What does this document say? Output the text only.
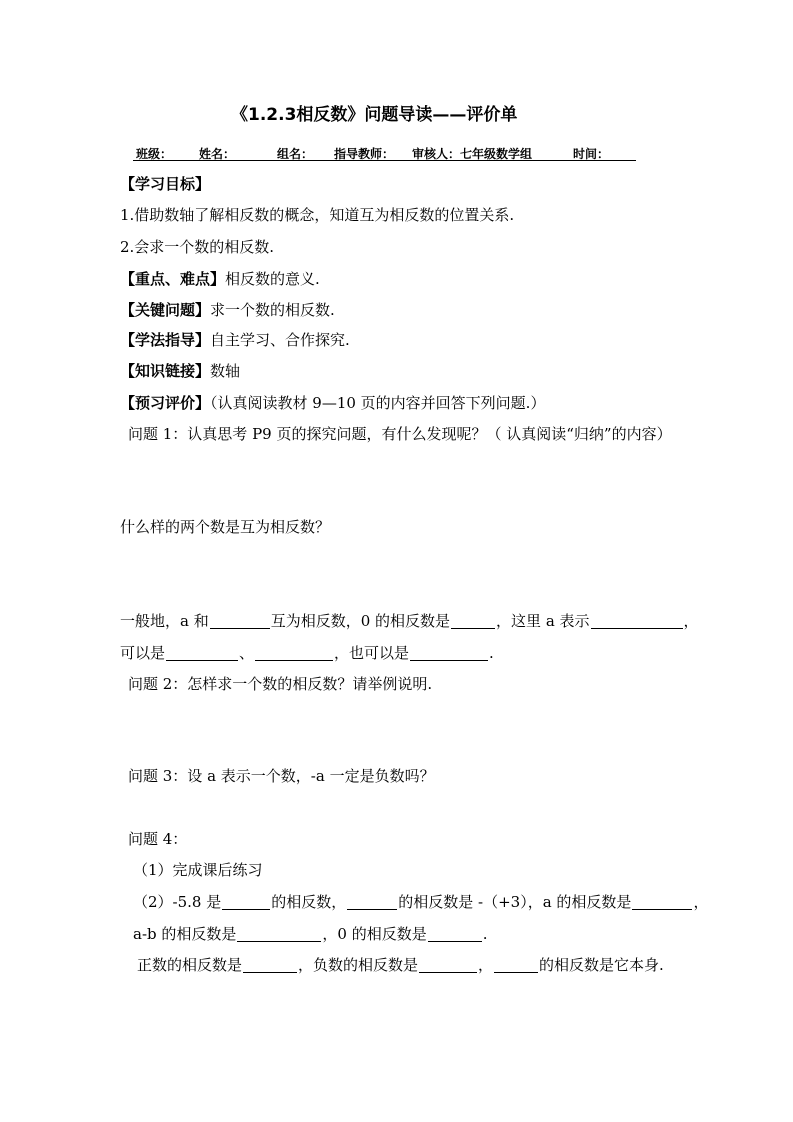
《1.2.3相反数》问题导读——评价单
班级： 姓名：	组名： 指导教师： 审核人：七年级数学组	时间：
【学习目标】
1.借助数轴了解相反数的概念，知道互为相反数的位置关系.
2.会求一个数的相反数.
【重点、难点】相反数的意义.
【关键问题】求一个数的相反数.
【学法指导】自主学习、合作探究.
【知识链接】数轴
【预习评价】（认真阅读教材 9—10 页的内容并回答下列问题.）
问题 1：认真思考 P9 页的探究问题，有什么发现呢？（ 认真阅读“归纳”的内容）
什么样的两个数是互为相反数？
一般地，a 和	互为相反数，0 的相反数是	，这里 a 表示	，
可以是	、	，也可以是	.
问题 2：怎样求一个数的相反数？请举例说明.
问题 3：设 a 表示一个数，-a 一定是负数吗？
问题 4：
（1）完成课后练习
（2）-5.8 是	的相反数，	的相反数是 -（+3），a 的相反数是	，
a-b 的相反数是	，0 的相反数是	.
正数的相反数是	，负数的相反数是	，	的相反数是它本身.
